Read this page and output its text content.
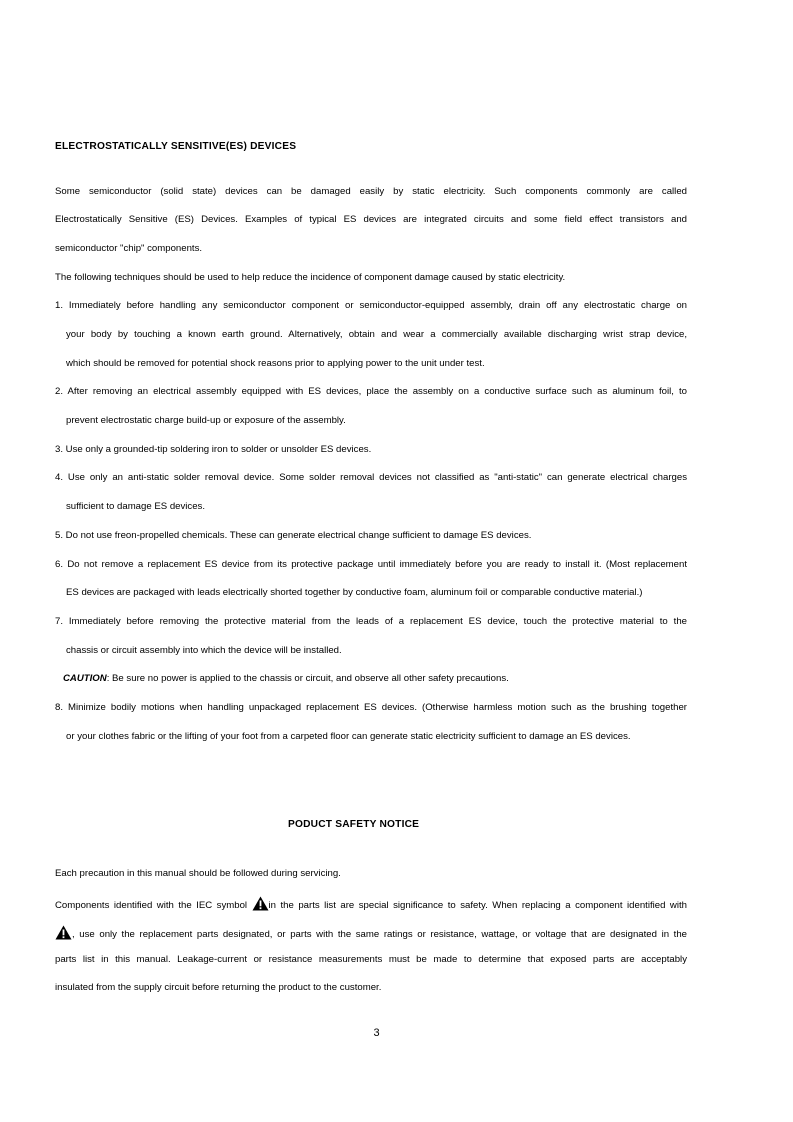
ELECTROSTATICALLY SENSITIVE(ES) DEVICES
Some semiconductor (solid state) devices can be damaged easily by static electricity. Such components commonly are called
Electrostatically Sensitive (ES) Devices. Examples of typical ES devices are integrated circuits and some field effect transistors and
semiconductor "chip" components.
The following techniques should be used to help reduce the incidence of component damage caused by static electricity.
1. Immediately before handling any semiconductor component or semiconductor-equipped assembly, drain off any electrostatic charge on
your body by touching a known earth ground. Alternatively, obtain and wear a commercially available discharging wrist strap device,
which should be removed for potential shock reasons prior to applying power to the unit under test.
2. After removing an electrical assembly equipped with ES devices, place the assembly on a conductive surface such as aluminum foil, to
prevent electrostatic charge build-up or exposure of the assembly.
3. Use only a grounded-tip soldering iron to solder or unsolder ES devices.
4. Use only an anti-static solder removal device. Some solder removal devices not classified as "anti-static" can generate electrical charges
sufficient to damage ES devices.
5. Do not use freon-propelled chemicals. These can generate electrical change sufficient to damage ES devices.
6. Do not remove a replacement ES device from its protective package until immediately before you are ready to install it. (Most replacement
ES devices are packaged with leads electrically shorted together by conductive foam, aluminum foil or comparable conductive material.)
7. Immediately before removing the protective material from the leads of a replacement ES device, touch the protective material to the
chassis or circuit assembly into which the device will be installed.
CAUTION: Be sure no power is applied to the chassis or circuit, and observe all other safety precautions.
8. Minimize bodily motions when handling unpackaged replacement ES devices. (Otherwise harmless motion such as the brushing together
or your clothes fabric or the lifting of your foot from a carpeted floor can generate static electricity sufficient to damage an ES devices.
PODUCT SAFETY NOTICE
Each precaution in this manual should be followed during servicing.
Components identified with the IEC symbol in the parts list are special significance to safety. When replacing a component identified with
, use only the replacement parts designated, or parts with the same ratings or resistance, wattage, or voltage that are designated in the
parts list in this manual. Leakage-current or resistance measurements must be made to determine that exposed parts are acceptably
insulated from the supply circuit before returning the product to the customer.
3
